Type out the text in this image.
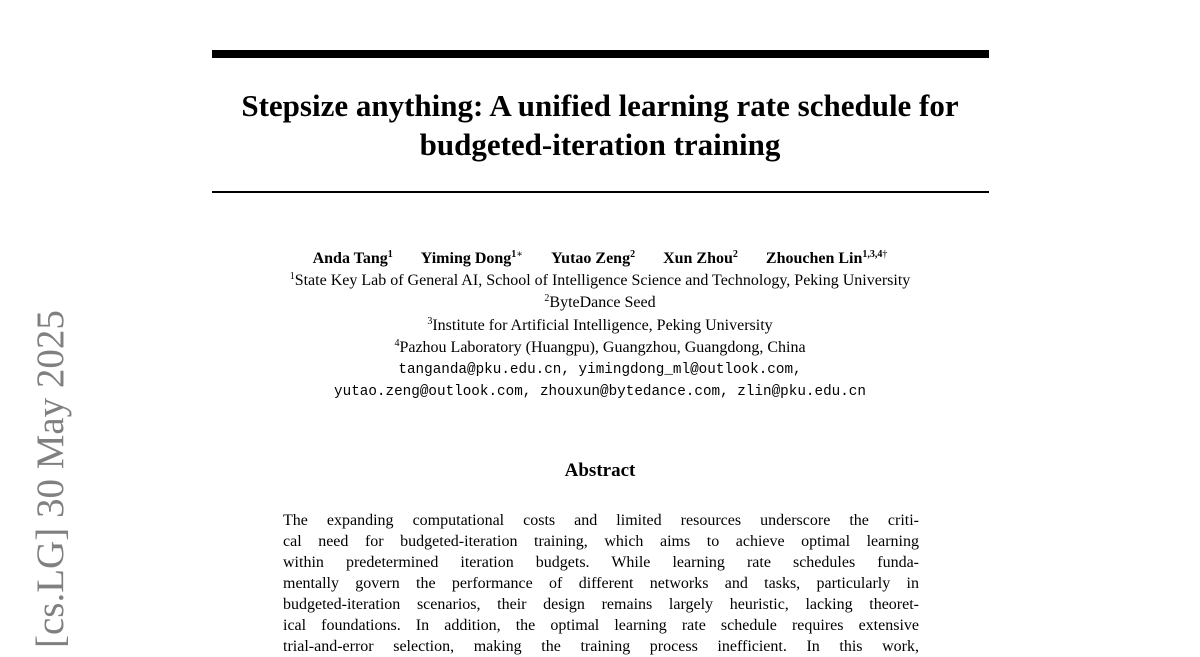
Stepsize anything: A unified learning rate schedule for
budgeted-iteration training
Anda Tang$^1$ Yiming Dong$^{1∗}$ Yutao Zeng$^2$ Xun Zhou$^2$ Zhouchen Lin$^{1,3,4\dagger}$
$^1$State Key Lab of General AI, School of Intelligence Science and Technology, Peking University
$^2$ByteDance Seed
$^3$Institute for Artificial Intelligence, Peking University
$^4$Pazhou Laboratory (Huangpu), Guangzhou, Guangdong, China
tanganda@pku.edu.cn, yimingdong_ml@outlook.com,
yutao.zeng@outlook.com, zhouxun@bytedance.com, zlin@pku.edu.cn
Abstract
The expanding computational costs and limited resources underscore the criti-
cal need for budgeted-iteration training, which aims to achieve optimal learning
within predetermined iteration budgets. While learning rate schedules funda-
mentally govern the performance of different networks and tasks, particularly in
budgeted-iteration scenarios, their design remains largely heuristic, lacking theoret-
ical foundations. In addition, the optimal learning rate schedule requires extensive
trial-and-error selection, making the training process inefficient. In this work,
[cs.LG] 30 May 2025
